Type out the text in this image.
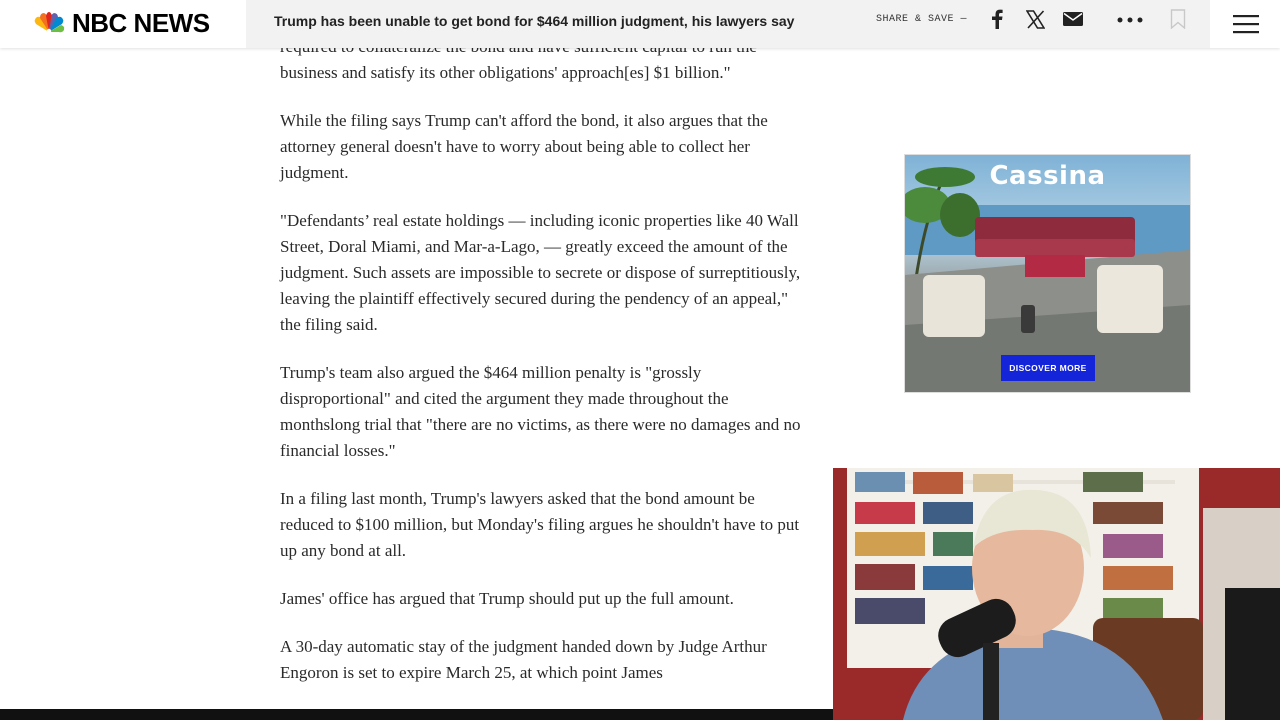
NBC NEWS	Trump has been unable to get bond for $464 million judgment, his lawyers say	SHARE & SAVE —

business and satisfy its other obligations' approach[es] $1 billion."

While the filing says Trump can't afford the bond, it also argues that the attorney general doesn't have to worry about being able to collect her judgment.

"Defendants’ real estate holdings — including iconic properties like 40 Wall Street, Doral Miami, and Mar-a-Lago, — greatly exceed the amount of the judgment. Such assets are impossible to secrete or dispose of surreptitiously, leaving the plaintiff effectively secured during the pendency of an appeal," the filing said.

Trump's team also argued the $464 million penalty is "grossly disproportional" and cited the argument they made throughout the monthslong trial that "there are no victims, as there were no damages and no financial losses."

In a filing last month, Trump's lawyers asked that the bond amount be reduced to $100 million, but Monday's filing argues he shouldn't have to put up any bond at all.

James' office has argued that Trump should put up the full amount.

A 30-day automatic stay of the judgment handed down by Judge Arthur Engoron is set to expire March 25, at which point James

Cassina
DISCOVER MORE
